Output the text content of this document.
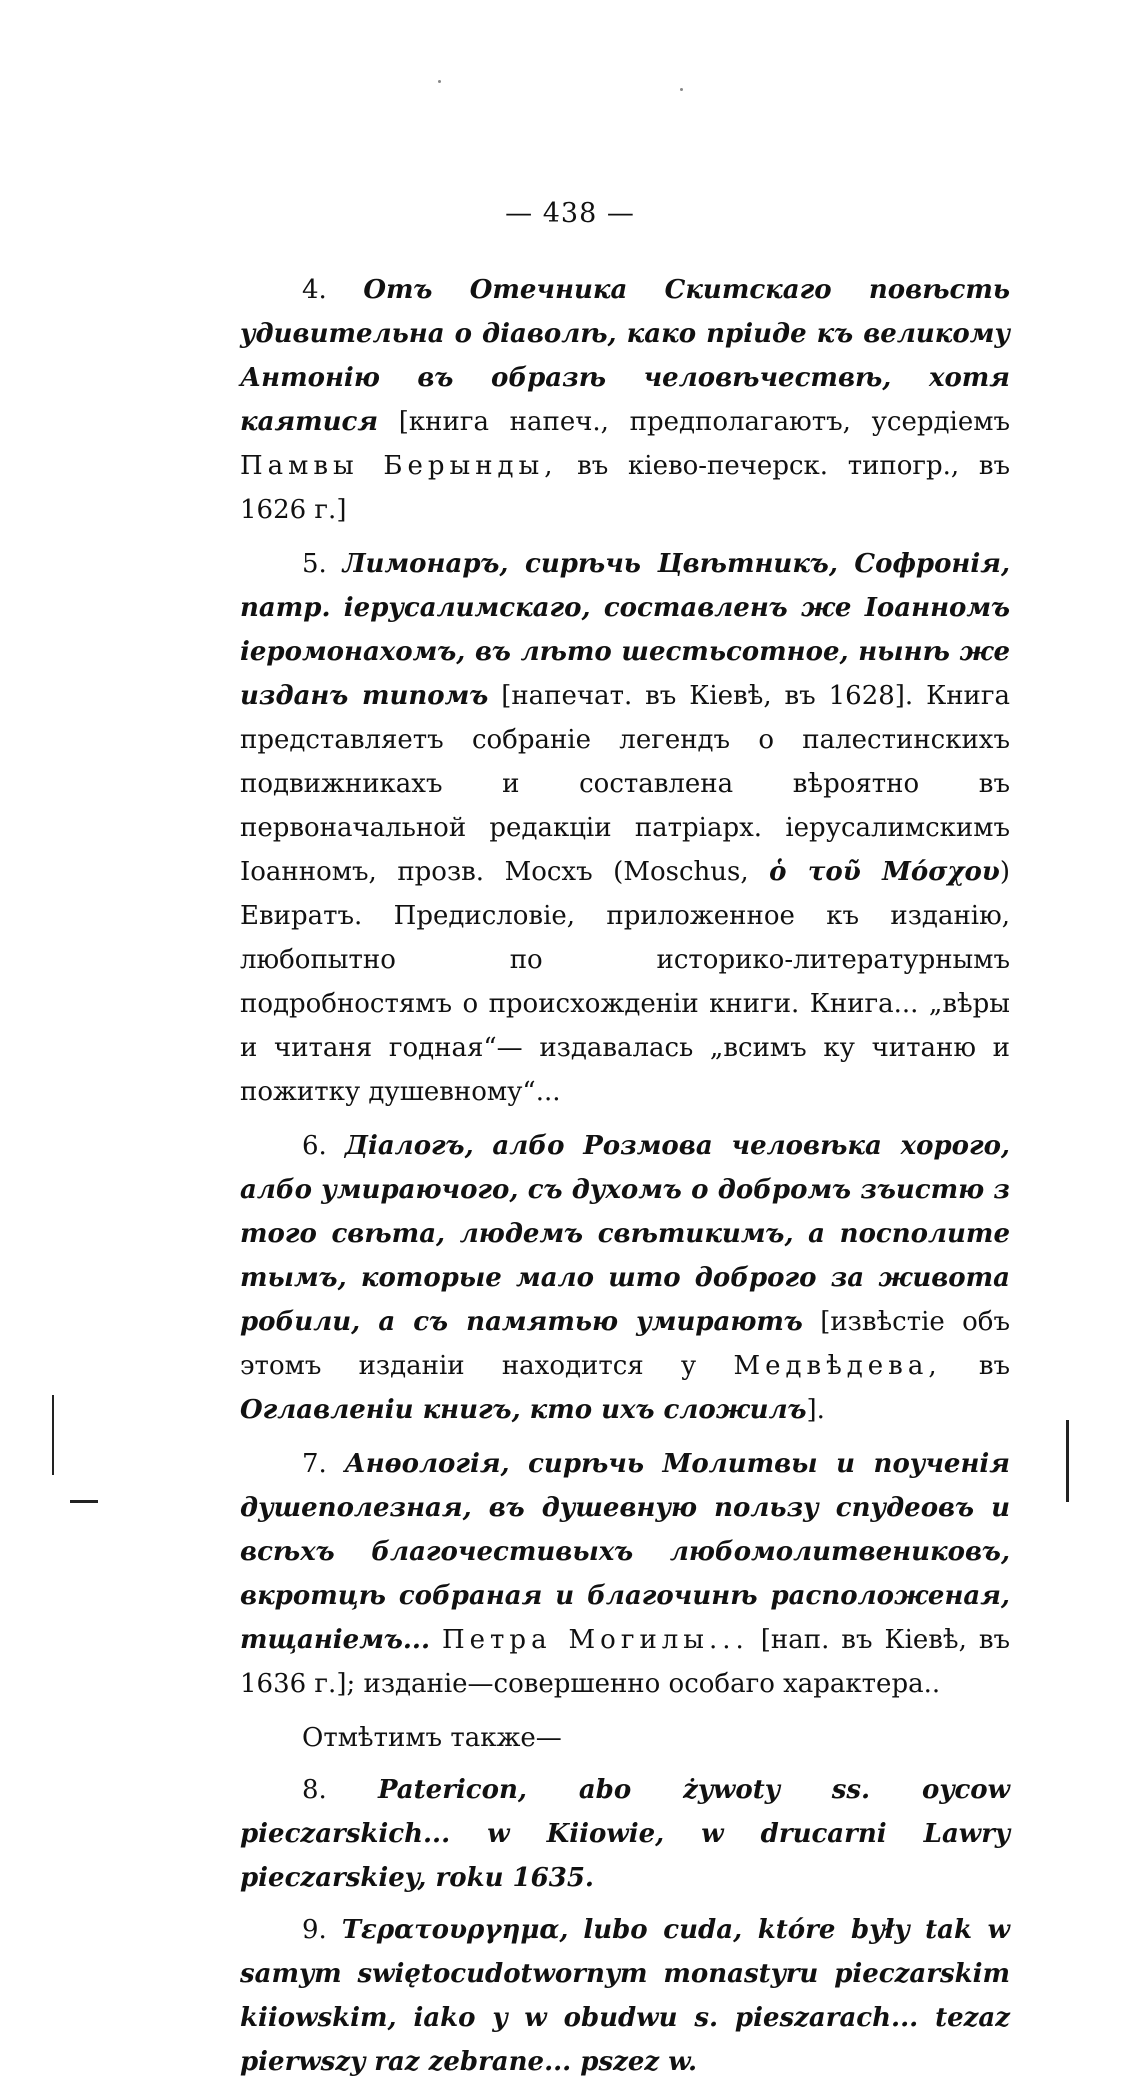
— 438 —

4. Отъ Отечника Скитскаго повѣсть удивительна о діаволѣ, како пріиде къ великому Антонію въ образѣ человѣчествѣ, хотя каятися [книга напеч., предполагаютъ, усердіемъ Памвы Берынды, въ кіево-печерск. типогр., въ 1626 г.]

5. Лимонаръ, сирѣчь Цвѣтникъ, Софронія, патр. іерусалимскаго, составленъ же Іоанномъ іеромонахомъ, въ лѣто шестьсотное, нынѣ же изданъ типомъ [напечат. въ Кіевѣ, въ 1628]. Книга представляетъ собраніе легендъ о палестинскихъ подвижникахъ и составлена вѣроятно въ первоначальной редакціи патріарх. іерусалимскимъ Іоанномъ, прозв. Мосхъ (Moschus, ὁ τοῦ Μόσχου) Евиратъ. Предисловіе, приложенное къ изданію, любопытно по историко-литературнымъ подробностямъ о происхожденіи книги. Книга... „вѣры и читаня годная“— издавалась „всимъ ку читаню и пожитку душевному“...

6. Діалогъ, албо Розмова человѣка хорого, албо умираючого, съ духомъ о добромъ зъистю з того свѣта, людемъ свѣтикимъ, а посполите тымъ, которые мало што доброго за живота робили, а съ памятью умираютъ [извѣстіе объ этомъ изданіи находится у Медвѣдева, въ Оглавленіи книгъ, кто ихъ сложилъ].

7. Анѳологія, сирѣчь Молитвы и поученія душеполезная, въ душевную пользу спудеовъ и всѣхъ благочестивыхъ любомолитвениковъ, вкротцѣ собраная и благочинѣ расположеная, тщаніемъ... Петра Могилы... [нап. въ Кіевѣ, въ 1636 г.]; изданіе—совершенно особаго характера..

Отмѣтимъ также—

8. Patericon, abo żywoty ss. oycow pieczarskich... w Kiiowie, w drucarni Lawry pieczarskiey, roku 1635.

9. Τερατουργημα, lubo cuda, które były tak w samym swiętocudotwornym monastyru pieczarskim kiiowskim, iako y w obudwu s. pieszarach... tezaz pierwszy raz zebrane... pszez w.
